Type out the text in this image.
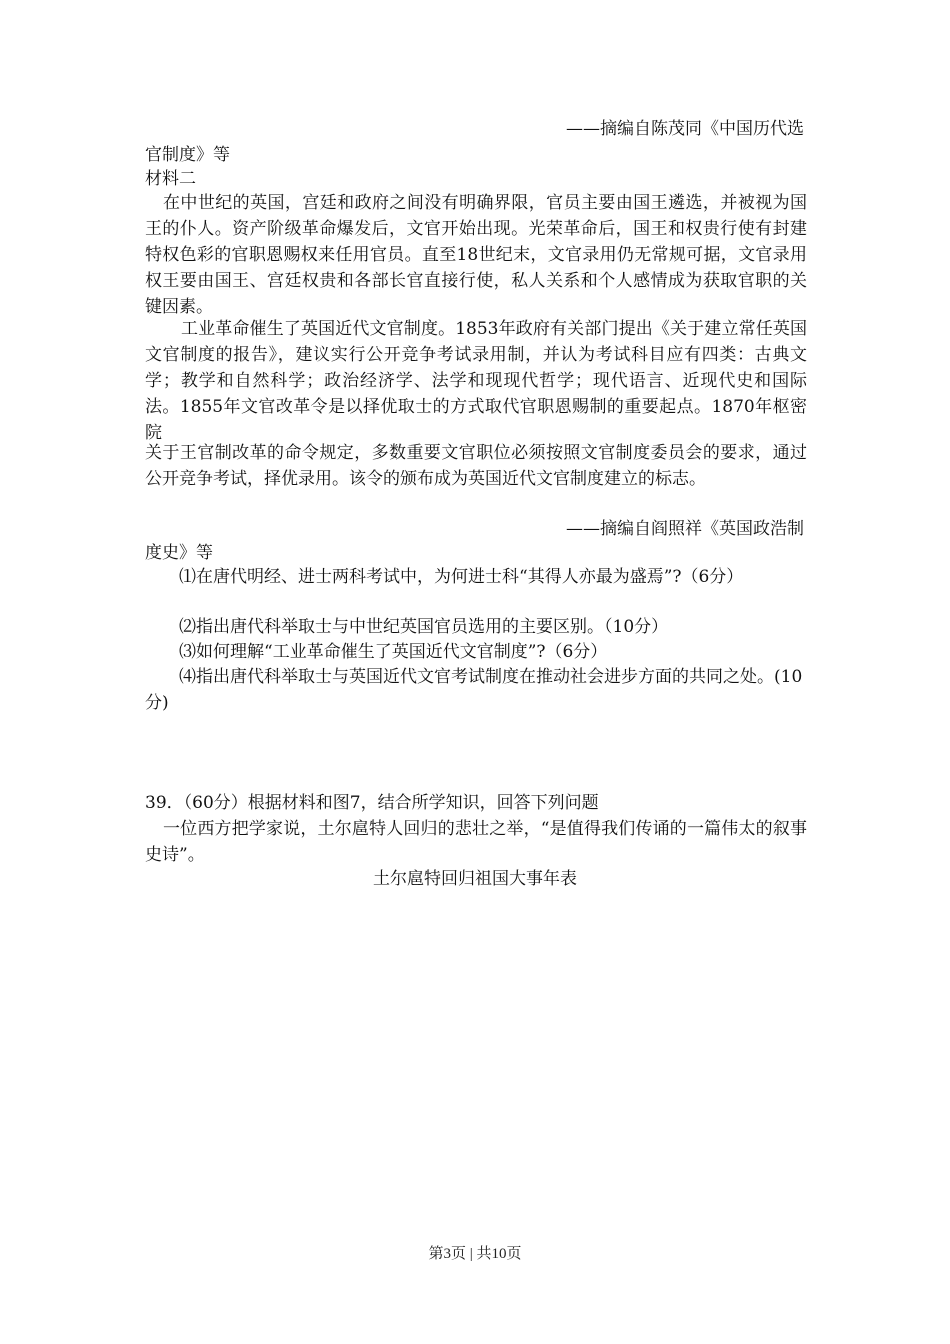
——摘编自陈茂同《中国历代选
官制度》等
材料二
在中世纪的英国，宫廷和政府之间没有明确界限，官员主要由国王遴选，并被视为国王的仆人。资产阶级革命爆发后，文官开始出现。光荣革命后，国王和权贵行使有封建特权色彩的官职恩赐权来任用官员。直至18世纪末，文官录用仍无常规可据，文官录用权王要由国王、宫廷权贵和各部长官直接行使，私人关系和个人感情成为获取官职的关键因素。
工业革命催生了英国近代文官制度。1853年政府有关部门提出《关于建立常任英国文官制度的报告》，建议实行公开竞争考试录用制，并认为考试科目应有四类：古典文学；教学和自然科学；政治经济学、法学和现现代哲学；现代语言、近现代史和国际法。1855年文官改革令是以择优取士的方式取代官职恩赐制的重要起点。1870年枢密院
关于王官制改革的命令规定，多数重要文官职位必须按照文官制度委员会的要求，通过公开竞争考试，择优录用。该令的颁布成为英国近代文官制度建立的标志。
——摘编自阎照祥《英国政浩制
度史》等
⑴在唐代明经、进士两科考试中，为何进士科“其得人亦最为盛焉”?（6分）
⑵指出唐代科举取士与中世纪英国官员选用的主要区别。（10分）
⑶如何理解“工业革命催生了英国近代文官制度”?（6分）
⑷指出唐代科举取士与英国近代文官考试制度在推动社会进步方面的共同之处。(10分)
39．（60分）根据材料和图7，结合所学知识，回答下列问题
一位西方把学家说，土尔扈特人回归的悲壮之举，“是值得我们传诵的一篇伟太的叙事史诗”。
土尔扈特回归祖国大事年表
第3页 | 共10页
